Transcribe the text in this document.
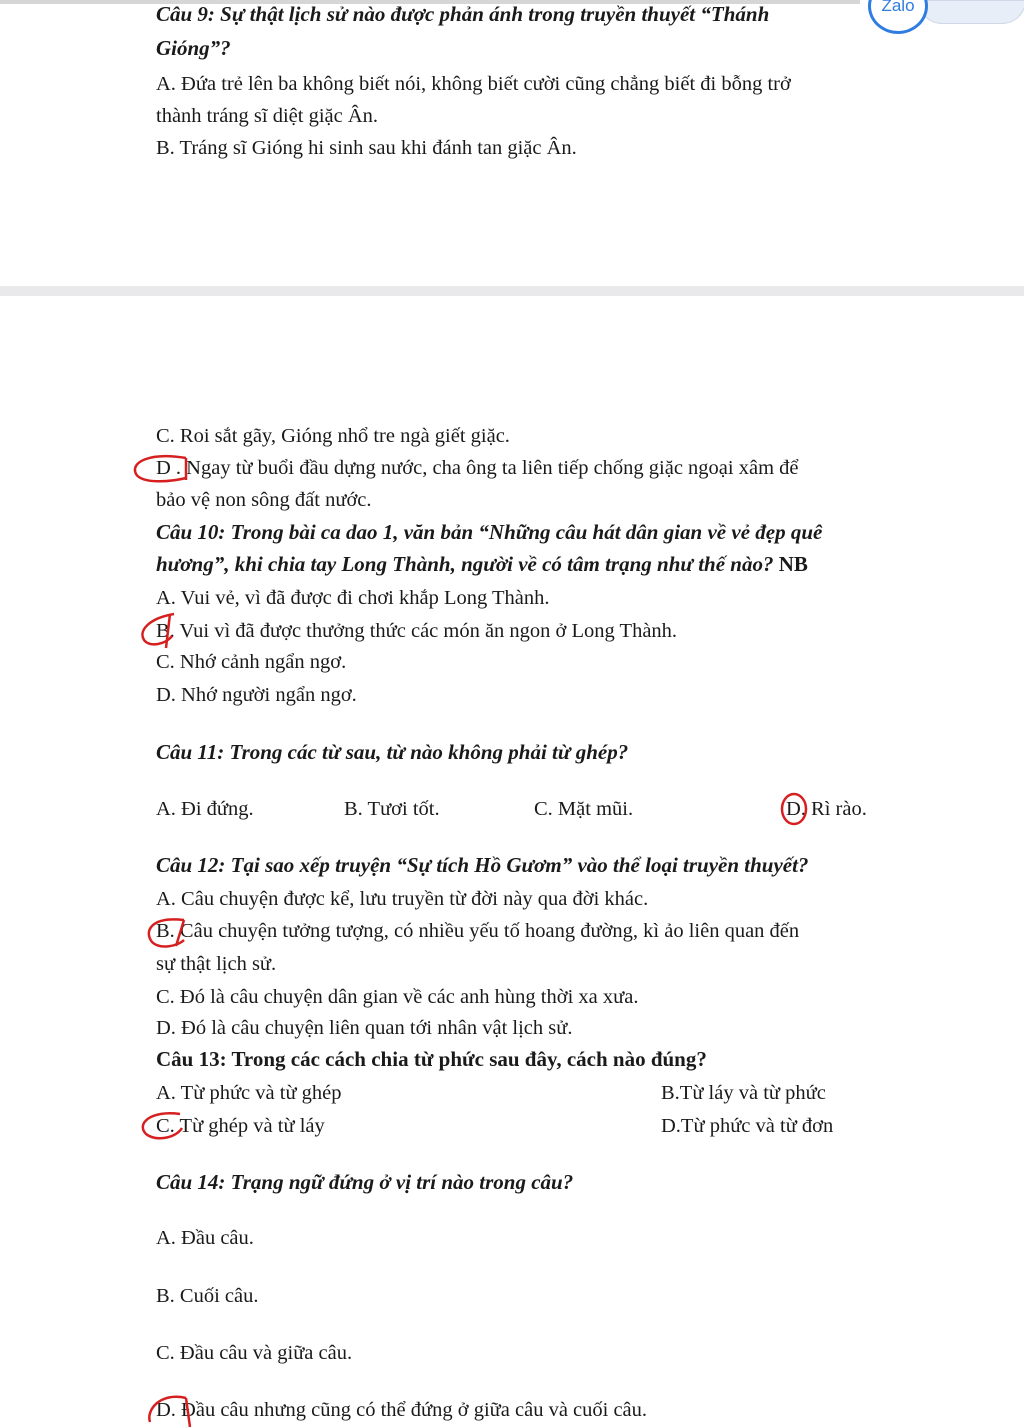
Zalo
Câu 9: Sự thật lịch sử nào được phản ánh trong truyền thuyết “Thánh
Gióng”?
A. Đứa trẻ lên ba không biết nói, không biết cười cũng chẳng biết đi bỗng trở
thành tráng sĩ diệt giặc Ân.
B. Tráng sĩ Gióng hi sinh sau khi đánh tan giặc Ân.
C. Roi sắt gãy, Gióng nhổ tre ngà giết giặc.
D . Ngay từ buổi đầu dựng nước, cha ông ta liên tiếp chống giặc ngoại xâm để
bảo vệ non sông đất nước.
Câu 10: Trong bài ca dao 1, văn bản “Những câu hát dân gian về vẻ đẹp quê
hương”, khi chia tay Long Thành, người về có tâm trạng như thế nào? NB
A. Vui vẻ, vì đã được đi chơi khắp Long Thành.
B. Vui vì đã được thưởng thức các món ăn ngon ở Long Thành.
C. Nhớ cảnh ngẩn ngơ.
D. Nhớ người ngẩn ngơ.
Câu 11: Trong các từ sau, từ nào không phải từ ghép?
A. Đi đứng.	B. Tươi tốt.	C. Mặt mũi.	D. Rì rào.
Câu 12: Tại sao xếp truyện “Sự tích Hồ Gươm” vào thể loại truyền thuyết?
A. Câu chuyện được kể, lưu truyền từ đời này qua đời khác.
B. Câu chuyện tưởng tượng, có nhiều yếu tố hoang đường, kì ảo liên quan đến
sự thật lịch sử.
C. Đó là câu chuyện dân gian về các anh hùng thời xa xưa.
D. Đó là câu chuyện liên quan tới nhân vật lịch sử.
Câu 13: Trong các cách chia từ phức sau đây, cách nào đúng?
A. Từ phức và từ ghép	B.Từ láy và từ phức
C. Từ ghép và từ láy	D.Từ phức và từ đơn
Câu 14: Trạng ngữ đứng ở vị trí nào trong câu?
A. Đầu câu.
B. Cuối câu.
C. Đầu câu và giữa câu.
D. Đầu câu nhưng cũng có thể đứng ở giữa câu và cuối câu.
